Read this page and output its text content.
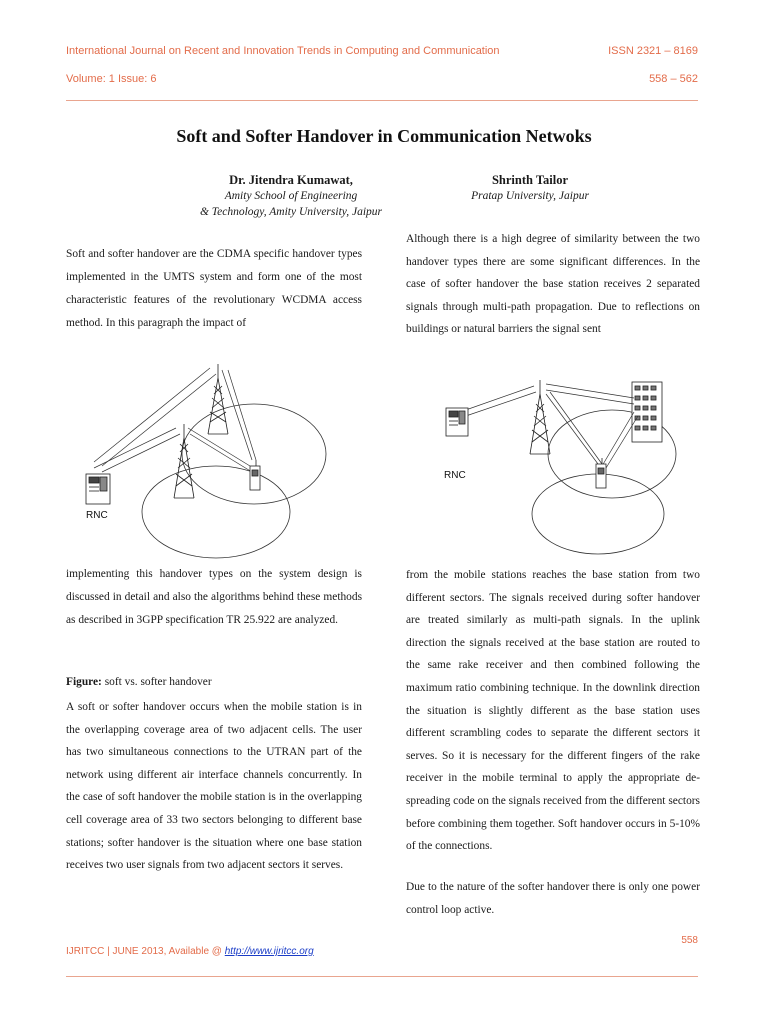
International Journal on Recent and Innovation Trends in Computing and Communication	ISSN 2321 – 8169
Volume: 1 Issue: 6	558 – 562
Soft and Softer Handover in Communication Netwoks
Dr. Jitendra Kumawat,
Amity School of Engineering
& Technology, Amity University, Jaipur
Shrinth Tailor
Pratap University, Jaipur

Soft and softer handover are the CDMA specific handover types implemented in the UMTS system and form one of the most characteristic features of the revolutionary WCDMA access method. In this paragraph the impact of

RNC

implementing this handover types on the system design is discussed in detail and also the algorithms behind these methods as described in 3GPP specification TR 25.922 are analyzed.

Figure: soft vs. softer handover

A soft or softer handover occurs when the mobile station is in the overlapping coverage area of two adjacent cells. The user has two simultaneous connections to the UTRAN part of the network using different air interface channels concurrently. In the case of soft handover the mobile station is in the overlapping cell coverage area of 33 two sectors belonging to different base stations; softer handover is the situation where one base station receives two user signals from two adjacent sectors it serves.

Although there is a high degree of similarity between the two handover types there are some significant differences. In the case of softer handover the base station receives 2 separated signals through multi-path propagation. Due to reflections on buildings or natural barriers the signal sent

RNC

from the mobile stations reaches the base station from two different sectors. The signals received during softer handover are treated similarly as multi-path signals. In the uplink direction the signals received at the base station are routed to the same rake receiver and then combined following the maximum ratio combining technique. In the downlink direction the situation is slightly different as the base station uses different scrambling codes to separate the different sectors it serves. So it is necessary for the different fingers of the rake receiver in the mobile terminal to apply the appropriate de-spreading code on the signals received from the different sectors before combining them together. Soft handover occurs in 5-10% of the connections.

Due to the nature of the softer handover there is only one power control loop active.

558
IJRITCC | JUNE 2013, Available @ http://www.ijritcc.org
